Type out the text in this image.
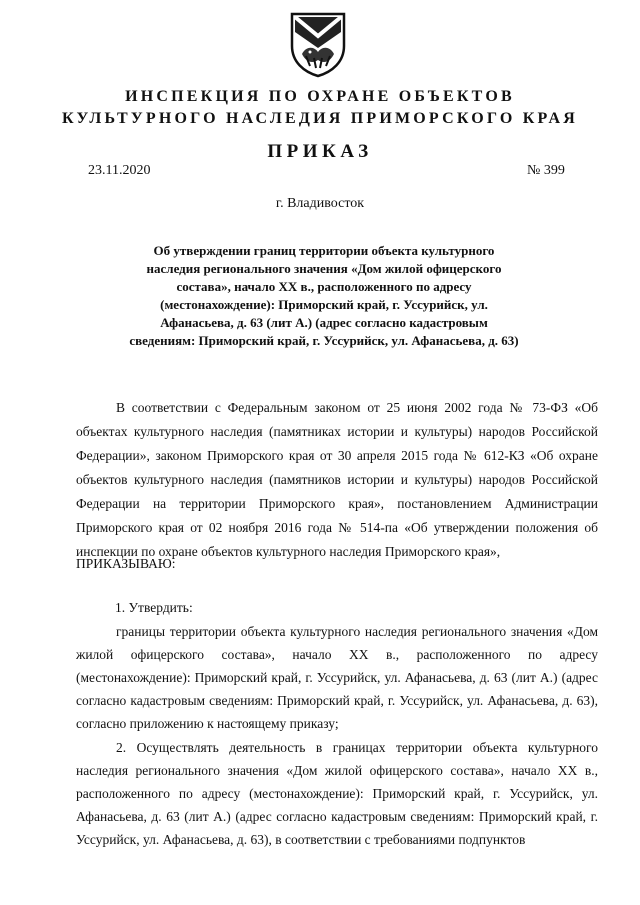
ИНСПЕКЦИЯ ПО ОХРАНЕ ОБЪЕКТОВ
КУЛЬТУРНОГО НАСЛЕДИЯ ПРИМОРСКОГО КРАЯ
ПРИКАЗ
23.11.2020	№ 399
г. Владивосток
Об утверждении границ территории объекта культурного наследия регионального значения «Дом жилой офицерского состава», начало XX в., расположенного по адресу (местонахождение): Приморский край, г. Уссурийск, ул. Афанасьева, д. 63 (лит А.) (адрес согласно кадастровым сведениям: Приморский край, г. Уссурийск, ул. Афанасьева, д. 63)

В соответствии с Федеральным законом от 25 июня 2002 года № 73-ФЗ «Об объектах культурного наследия (памятниках истории и культуры) народов Российской Федерации», законом Приморского края от 30 апреля 2015 года № 612-КЗ «Об охране объектов культурного наследия (памятников истории и культуры) народов Российской Федерации на территории Приморского края», постановлением Администрации Приморского края от 02 ноября 2016 года № 514-па «Об утверждении положения об инспекции по охране объектов культурного наследия Приморского края»,

ПРИКАЗЫВАЮ:
1. Утвердить:

границы территории объекта культурного наследия регионального значения «Дом жилой офицерского состава», начало XX в., расположенного по адресу (местонахождение): Приморский край, г. Уссурийск, ул. Афанасьева, д. 63 (лит А.) (адрес согласно кадастровым сведениям: Приморский край, г. Уссурийск, ул. Афанасьева, д. 63), согласно приложению к настоящему приказу;

2. Осуществлять деятельность в границах территории объекта культурного наследия регионального значения «Дом жилой офицерского состава», начало XX в., расположенного по адресу (местонахождение): Приморский край, г. Уссурийск, ул. Афанасьева, д. 63 (лит А.) (адрес согласно кадастровым сведениям: Приморский край, г. Уссурийск, ул. Афанасьева, д. 63), в соответствии с требованиями подпунктов
